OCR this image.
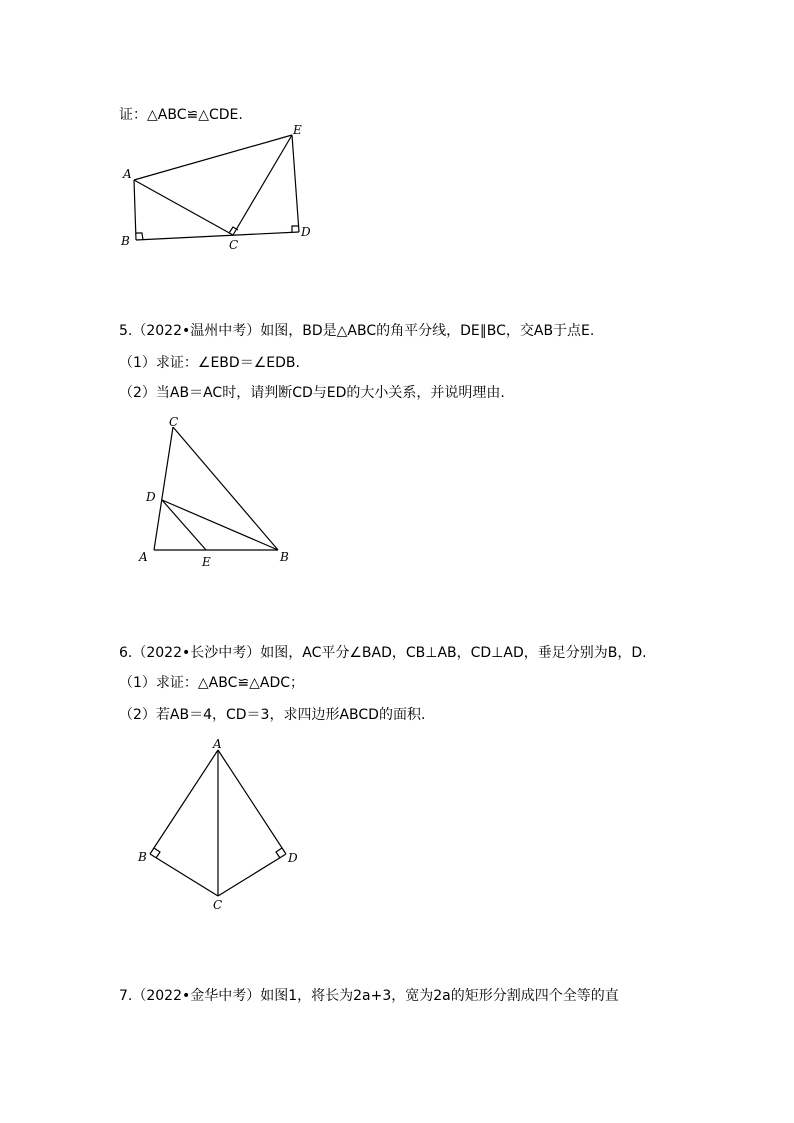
证：△ABC≌△CDE.
A
B	C
D
E
5.（2022•温州中考）如图，BD是△ABC的角平分线，DE∥BC，交AB于点E.
（1）求证：∠EBD＝∠EDB.
（2）当AB＝AC时，请判断CD与ED的大小关系，并说明理由.
C
D
A	E	B
6.（2022•长沙中考）如图，AC平分∠BAD，CB⊥AB，CD⊥AD，垂足分别为B，D.
（1）求证：△ABC≌△ADC；
（2）若AB＝4，CD＝3，求四边形ABCD的面积.
A
B	D
C
7.（2022•金华中考）如图1，将长为2a+3，宽为2a的矩形分割成四个全等的直
